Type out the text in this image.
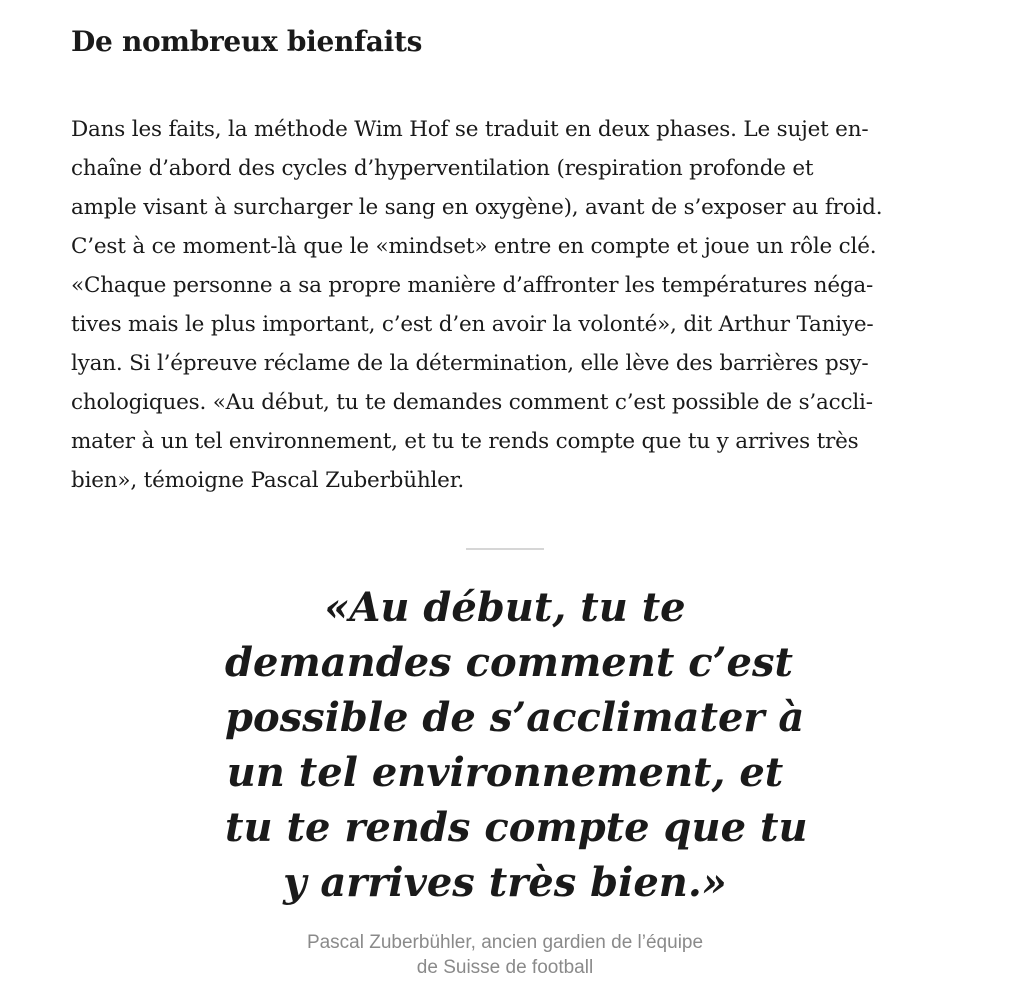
De nombreux bienfaits

Dans les faits, la méthode Wim Hof se traduit en deux phases. Le sujet en-
chaîne d’abord des cycles d’hyperventilation (respiration profonde et
ample visant à surcharger le sang en oxygène), avant de s’exposer au froid.
C’est à ce moment-là que le «mindset» entre en compte et joue un rôle clé.
«Chaque personne a sa propre manière d’affronter les températures néga-
tives mais le plus important, c’est d’en avoir la volonté», dit Arthur Taniye-
lyan. Si l’épreuve réclame de la détermination, elle lève des barrières psy-
chologiques. «Au début, tu te demandes comment c’est possible de s’accli-
mater à un tel environnement, et tu te rends compte que tu y arrives très
bien», témoigne Pascal Zuberbühler.

«Au début, tu te
demandes comment c’est
possible de s’acclimater à
un tel environnement, et
tu te rends compte que tu
y arrives très bien.»
Pascal Zuberbühler, ancien gardien de l’équipe
de Suisse de football
